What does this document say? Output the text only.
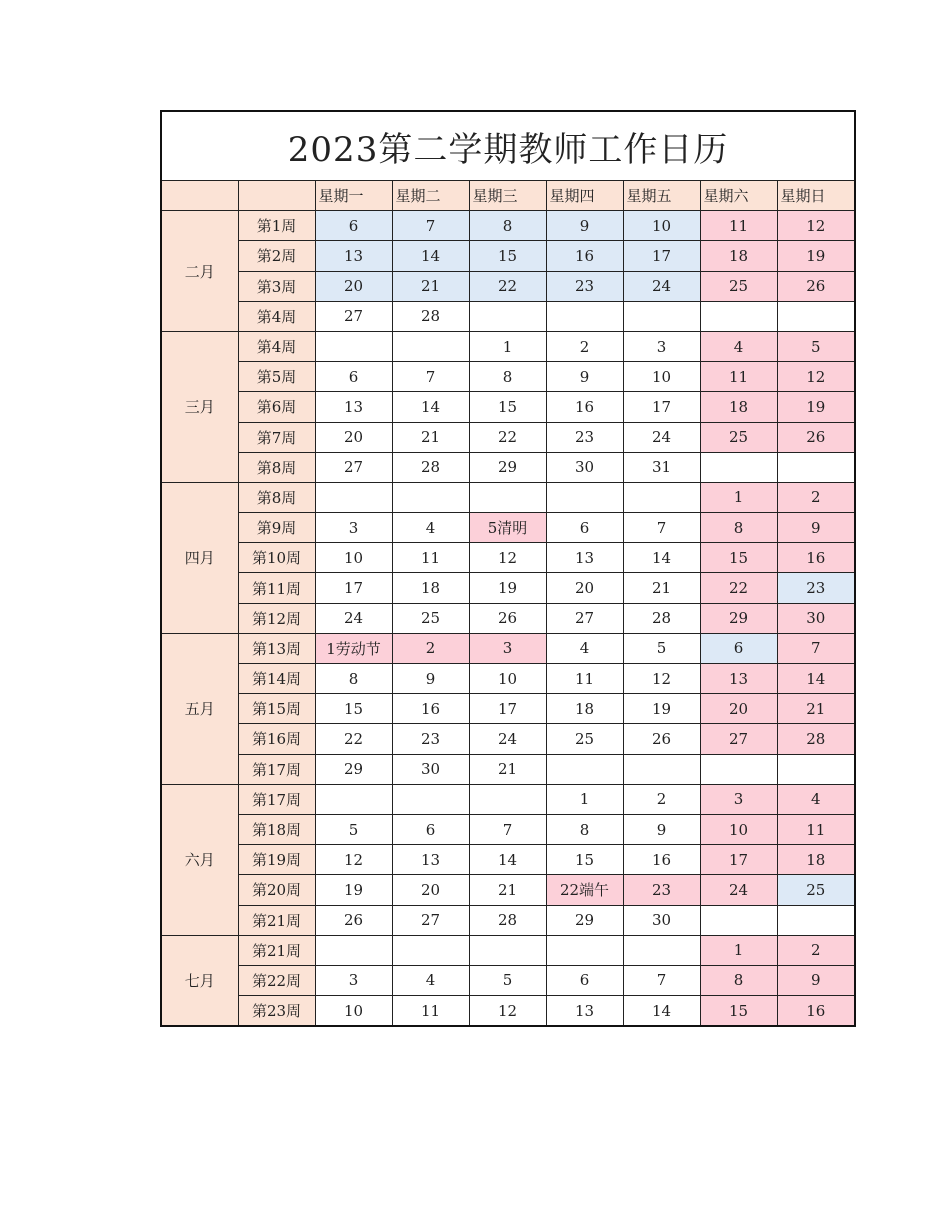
2023第二学期教师工作日历								
		星期一	星期二	星期三	星期四	星期五	星期六	星期日
二月	第1周	6	7	8	9	10	11	12
	第2周	13	14	15	16	17	18	19
	第3周	20	21	22	23	24	25	26
	第4周	27	28					
三月	第4周			1	2	3	4	5
	第5周	6	7	8	9	10	11	12
	第6周	13	14	15	16	17	18	19
	第7周	20	21	22	23	24	25	26
	第8周	27	28	29	30	31		
四月	第8周						1	2
	第9周	3	4	5清明	6	7	8	9
	第10周	10	11	12	13	14	15	16
	第11周	17	18	19	20	21	22	23
	第12周	24	25	26	27	28	29	30
五月	第13周	1劳动节	2	3	4	5	6	7
	第14周	8	9	10	11	12	13	14
	第15周	15	16	17	18	19	20	21
	第16周	22	23	24	25	26	27	28
	第17周	29	30	21				
六月	第17周				1	2	3	4
	第18周	5	6	7	8	9	10	11
	第19周	12	13	14	15	16	17	18
	第20周	19	20	21	22端午	23	24	25
	第21周	26	27	28	29	30		
七月	第21周						1	2
	第22周	3	4	5	6	7	8	9
	第23周	10	11	12	13	14	15	16
